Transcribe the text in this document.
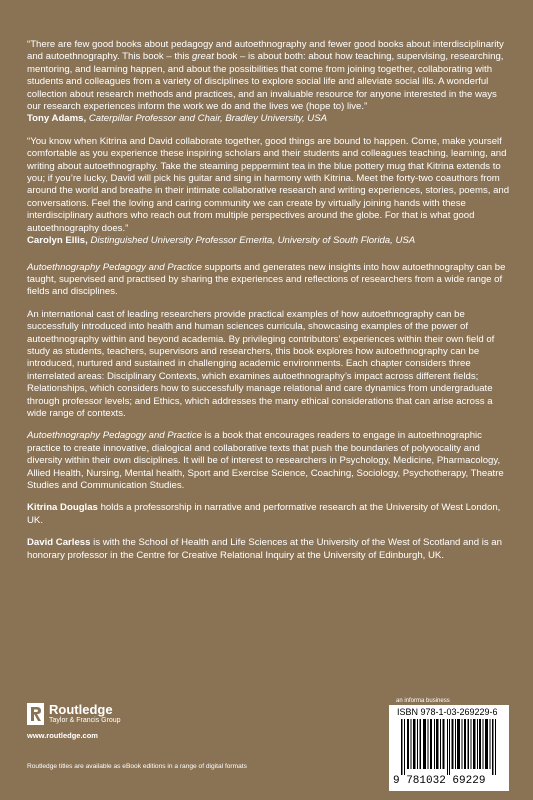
“There are few good books about pedagogy and autoethnography and fewer good books about interdisciplinarity and autoethnography. This book – this great book – is about both: about how teaching, supervising, researching, mentoring, and learning happen, and about the possibilities that come from joining together, collaborating with students and colleagues from a variety of disciplines to explore social life and alleviate social ills. A wonderful collection about research methods and practices, and an invaluable resource for anyone interested in the ways our research experiences inform the work we do and the lives we (hope to) live.”
Tony Adams, Caterpillar Professor and Chair, Bradley University, USA

“You know when Kitrina and David collaborate together, good things are bound to happen. Come, make yourself comfortable as you experience these inspiring scholars and their students and colleagues teaching, learning, and writing about autoethnography. Take the steaming peppermint tea in the blue pottery mug that Kitrina extends to you; if you’re lucky, David will pick his guitar and sing in harmony with Kitrina. Meet the forty-two coauthors from around the world and breathe in their intimate collaborative research and writing experiences, stories, poems, and conversations. Feel the loving and caring community we can create by virtually joining hands with these interdisciplinary authors who reach out from multiple perspectives around the globe. For that is what good autoethnography does.”
Carolyn Ellis, Distinguished University Professor Emerita, University of South Florida, USA

Autoethnography Pedagogy and Practice supports and generates new insights into how autoethnography can be taught, supervised and practised by sharing the experiences and reflections of researchers from a wide range of fields and disciplines.

An international cast of leading researchers provide practical examples of how autoethnography can be successfully introduced into health and human sciences curricula, showcasing examples of the power of autoethnography within and beyond academia. By privileging contributors’ experiences within their own field of study as students, teachers, supervisors and researchers, this book explores how autoethnography can be introduced, nurtured and sustained in challenging academic environments. Each chapter considers three interrelated areas: Disciplinary Contexts, which examines autoethnography’s impact across different fields; Relationships, which considers how to successfully manage relational and care dynamics from undergraduate through professor levels; and Ethics, which addresses the many ethical considerations that can arise across a wide range of contexts.

Autoethnography Pedagogy and Practice is a book that encourages readers to engage in autoethnographic practice to create innovative, dialogical and collaborative texts that push the boundaries of polyvocality and diversity within their own disciplines. It will be of interest to researchers in Psychology, Medicine, Pharmacology, Allied Health, Nursing, Mental health, Sport and Exercise Science, Coaching, Sociology, Psychotherapy, Theatre Studies and Communication Studies.

Kitrina Douglas holds a professorship in narrative and performative research at the University of West London, UK.

David Carless is with the School of Health and Life Sciences at the University of the West of Scotland and is an honorary professor in the Centre for Creative Relational Inquiry at the University of Edinburgh, UK.

Routledge
Taylor & Francis Group
www.routledge.com
Routledge titles are available as eBook editions in a range of digital formats
an informa business
ISBN 978-1-03-269229-6
9 781032 69229
